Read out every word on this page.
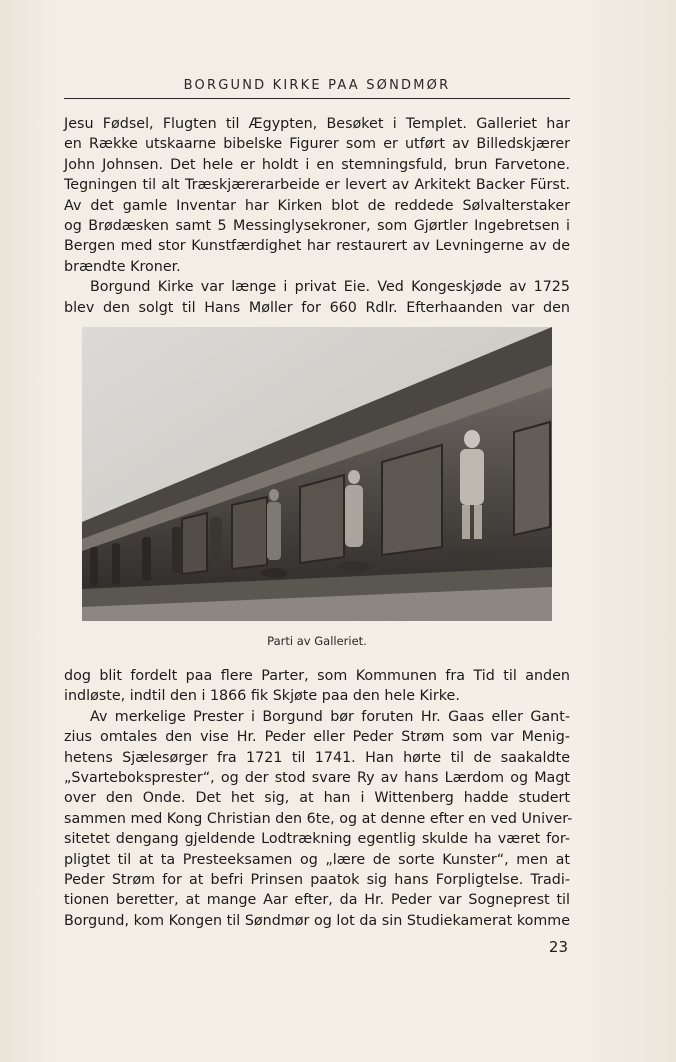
BORGUND KIRKE PAA SØNDMØR
Jesu Fødsel, Flugten til Ægypten, Besøket i Templet. Galleriet har
en Række utskaarne bibelske Figurer som er utført av Billedskjærer
John Johnsen. Det hele er holdt i en stemningsfuld, brun Farvetone.
Tegningen til alt Træskjærerarbeide er levert av Arkitekt Backer Fürst.
Av det gamle Inventar har Kirken blot de reddede Sølvalterstaker
og Brødæsken samt 5 Messinglysekroner, som Gjørtler Ingebretsen i
Bergen med stor Kunstfærdighet har restaurert av Levningerne av de
brændte Kroner.
Borgund Kirke var længe i privat Eie. Ved Kongeskjøde av 1725
blev den solgt til Hans Møller for 660 Rdlr. Efterhaanden var den
Parti av Galleriet.
dog blit fordelt paa flere Parter, som Kommunen fra Tid til anden
indløste, indtil den i 1866 fik Skjøte paa den hele Kirke.
Av merkelige Prester i Borgund bør foruten Hr. Gaas eller Gant-
zius omtales den vise Hr. Peder eller Peder Strøm som var Menig-
hetens Sjælesørger fra 1721 til 1741. Han hørte til de saakaldte
„Svarteboksprester“, og der stod svare Ry av hans Lærdom og Magt
over den Onde. Det het sig, at han i Wittenberg hadde studert
sammen med Kong Christian den 6te, og at denne efter en ved Univer-
sitetet dengang gjeldende Lodtrækning egentlig skulde ha været for-
pligtet til at ta Presteeksamen og „lære de sorte Kunster“, men at
Peder Strøm for at befri Prinsen paatok sig hans Forpligtelse. Tradi-
tionen beretter, at mange Aar efter, da Hr. Peder var Sogneprest til
Borgund, kom Kongen til Søndmør og lot da sin Studiekamerat komme
23
